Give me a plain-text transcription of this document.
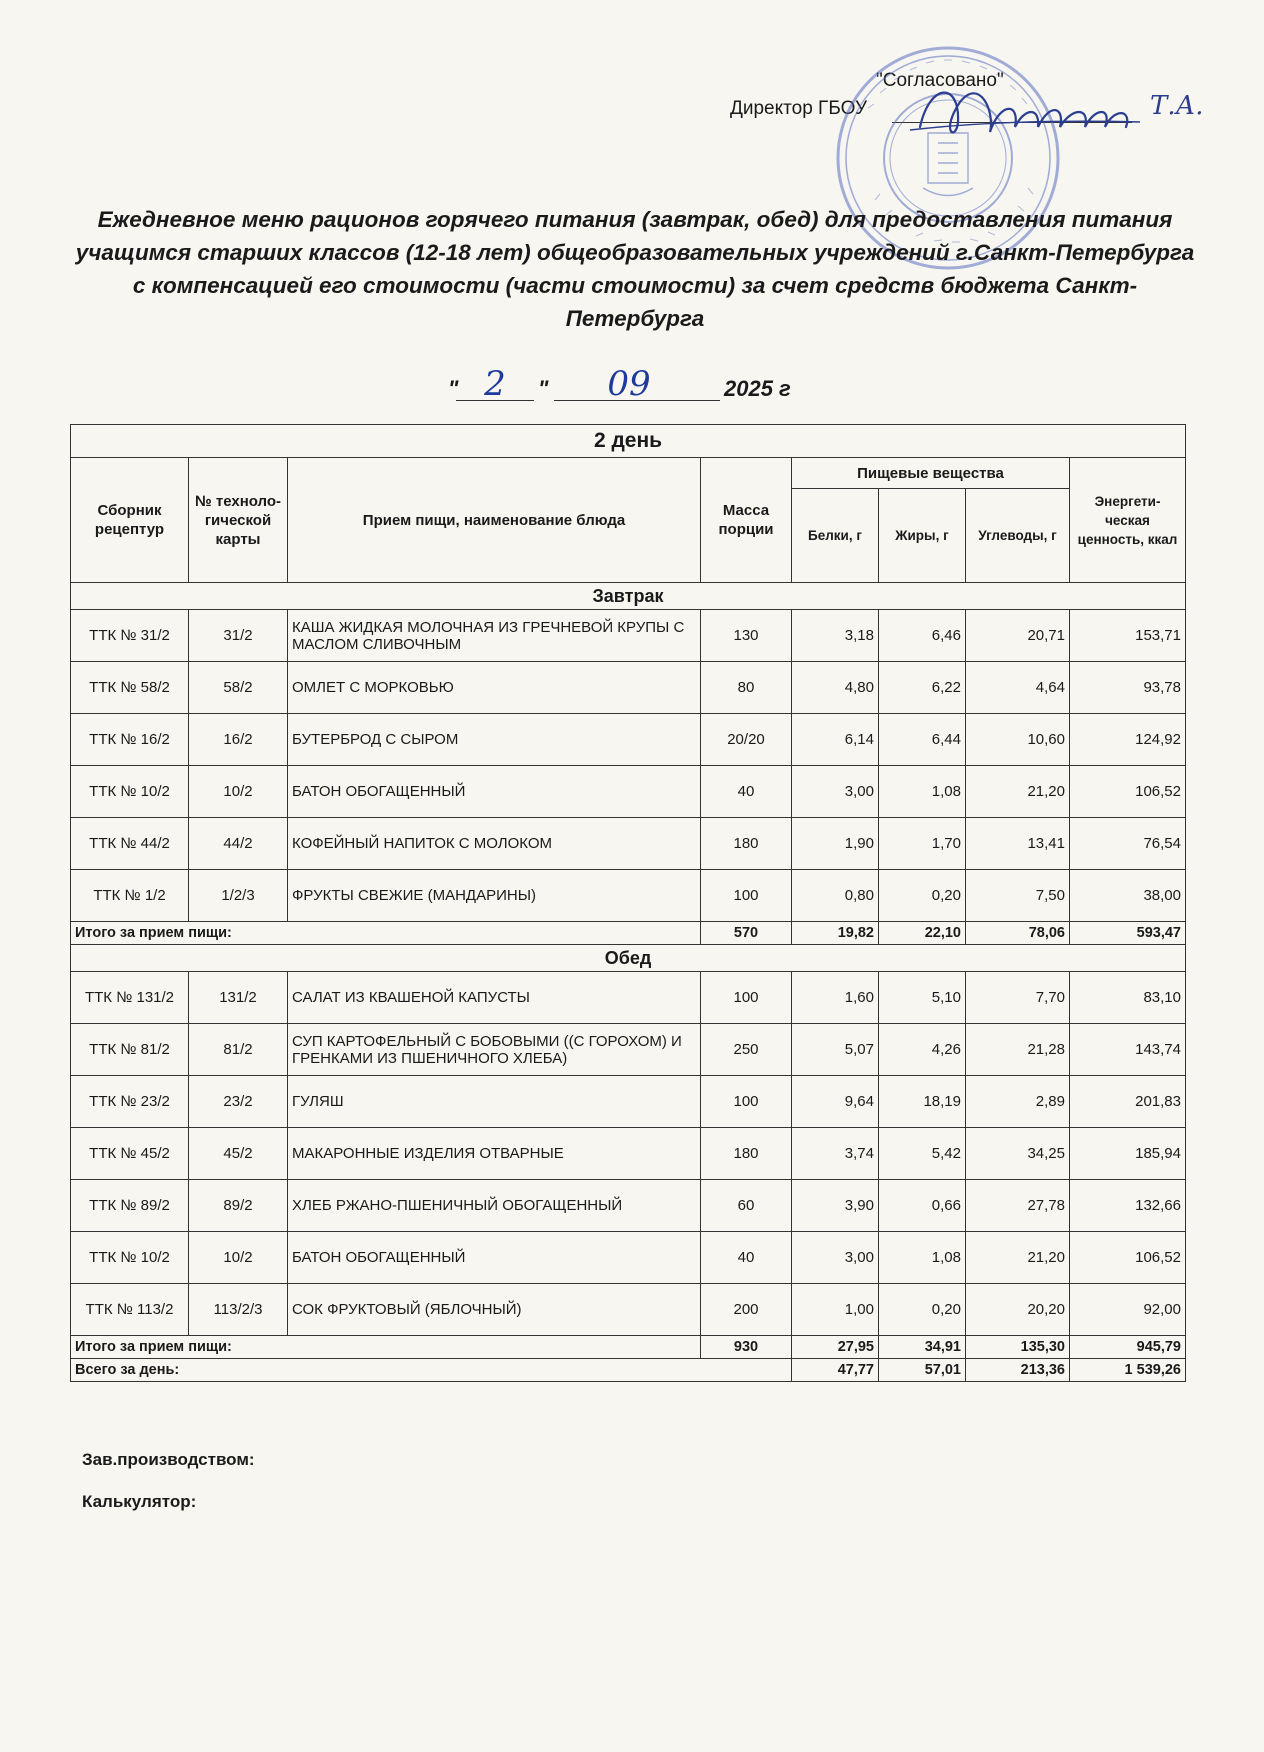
"Согласовано"
Директор ГБОУ	Т.А.
Ежедневное меню рационов горячего питания (завтрак, обед) для предоставления питания учащимся старших классов (12-18 лет) общеобразовательных учреждений г.Санкт-Петербурга с компенсацией его стоимости (части стоимости) за счет средств бюджета Санкт-Петербурга
" 2	"	09	2025 г
2 день							
Сборник рецептур	№ техноло-гической карты	Прием пищи, наименование блюда	Масса порции	Пищевые вещества			Энергети-ческая ценность, ккал
				Белки, г	Жиры, г	Углеводы, г	
Завтрак							
ТТК № 31/2	31/2	КАША ЖИДКАЯ МОЛОЧНАЯ ИЗ ГРЕЧНЕВОЙ КРУПЫ С МАСЛОМ СЛИВОЧНЫМ	130	3,18	6,46	20,71	153,71
ТТК № 58/2	58/2	ОМЛЕТ С МОРКОВЬЮ	80	4,80	6,22	4,64	93,78
ТТК № 16/2	16/2	БУТЕРБРОД С СЫРОМ	20/20	6,14	6,44	10,60	124,92
ТТК № 10/2	10/2	БАТОН ОБОГАЩЕННЫЙ	40	3,00	1,08	21,20	106,52
ТТК № 44/2	44/2	КОФЕЙНЫЙ НАПИТОК С МОЛОКОМ	180	1,90	1,70	13,41	76,54
ТТК № 1/2	1/2/3	ФРУКТЫ СВЕЖИЕ (МАНДАРИНЫ)	100	0,80	0,20	7,50	38,00
Итого за прием пищи:			570	19,82	22,10	78,06	593,47
Обед							
ТТК № 131/2	131/2	САЛАТ ИЗ КВАШЕНОЙ КАПУСТЫ	100	1,60	5,10	7,70	83,10
ТТК № 81/2	81/2	СУП КАРТОФЕЛЬНЫЙ С БОБОВЫМИ ((С ГОРОХОМ) И ГРЕНКАМИ ИЗ ПШЕНИЧНОГО ХЛЕБА)	250	5,07	4,26	21,28	143,74
ТТК № 23/2	23/2	ГУЛЯШ	100	9,64	18,19	2,89	201,83
ТТК № 45/2	45/2	МАКАРОННЫЕ ИЗДЕЛИЯ ОТВАРНЫЕ	180	3,74	5,42	34,25	185,94
ТТК № 89/2	89/2	ХЛЕБ РЖАНО-ПШЕНИЧНЫЙ ОБОГАЩЕННЫЙ	60	3,90	0,66	27,78	132,66
ТТК № 10/2	10/2	БАТОН ОБОГАЩЕННЫЙ	40	3,00	1,08	21,20	106,52
ТТК № 113/2	113/2/3	СОК ФРУКТОВЫЙ (ЯБЛОЧНЫЙ)	200	1,00	0,20	20,20	92,00
Итого за прием пищи:			930	27,95	34,91	135,30	945,79
Всего за день:				47,77	57,01	213,36	1 539,26
Зав.производством:
Калькулятор:
